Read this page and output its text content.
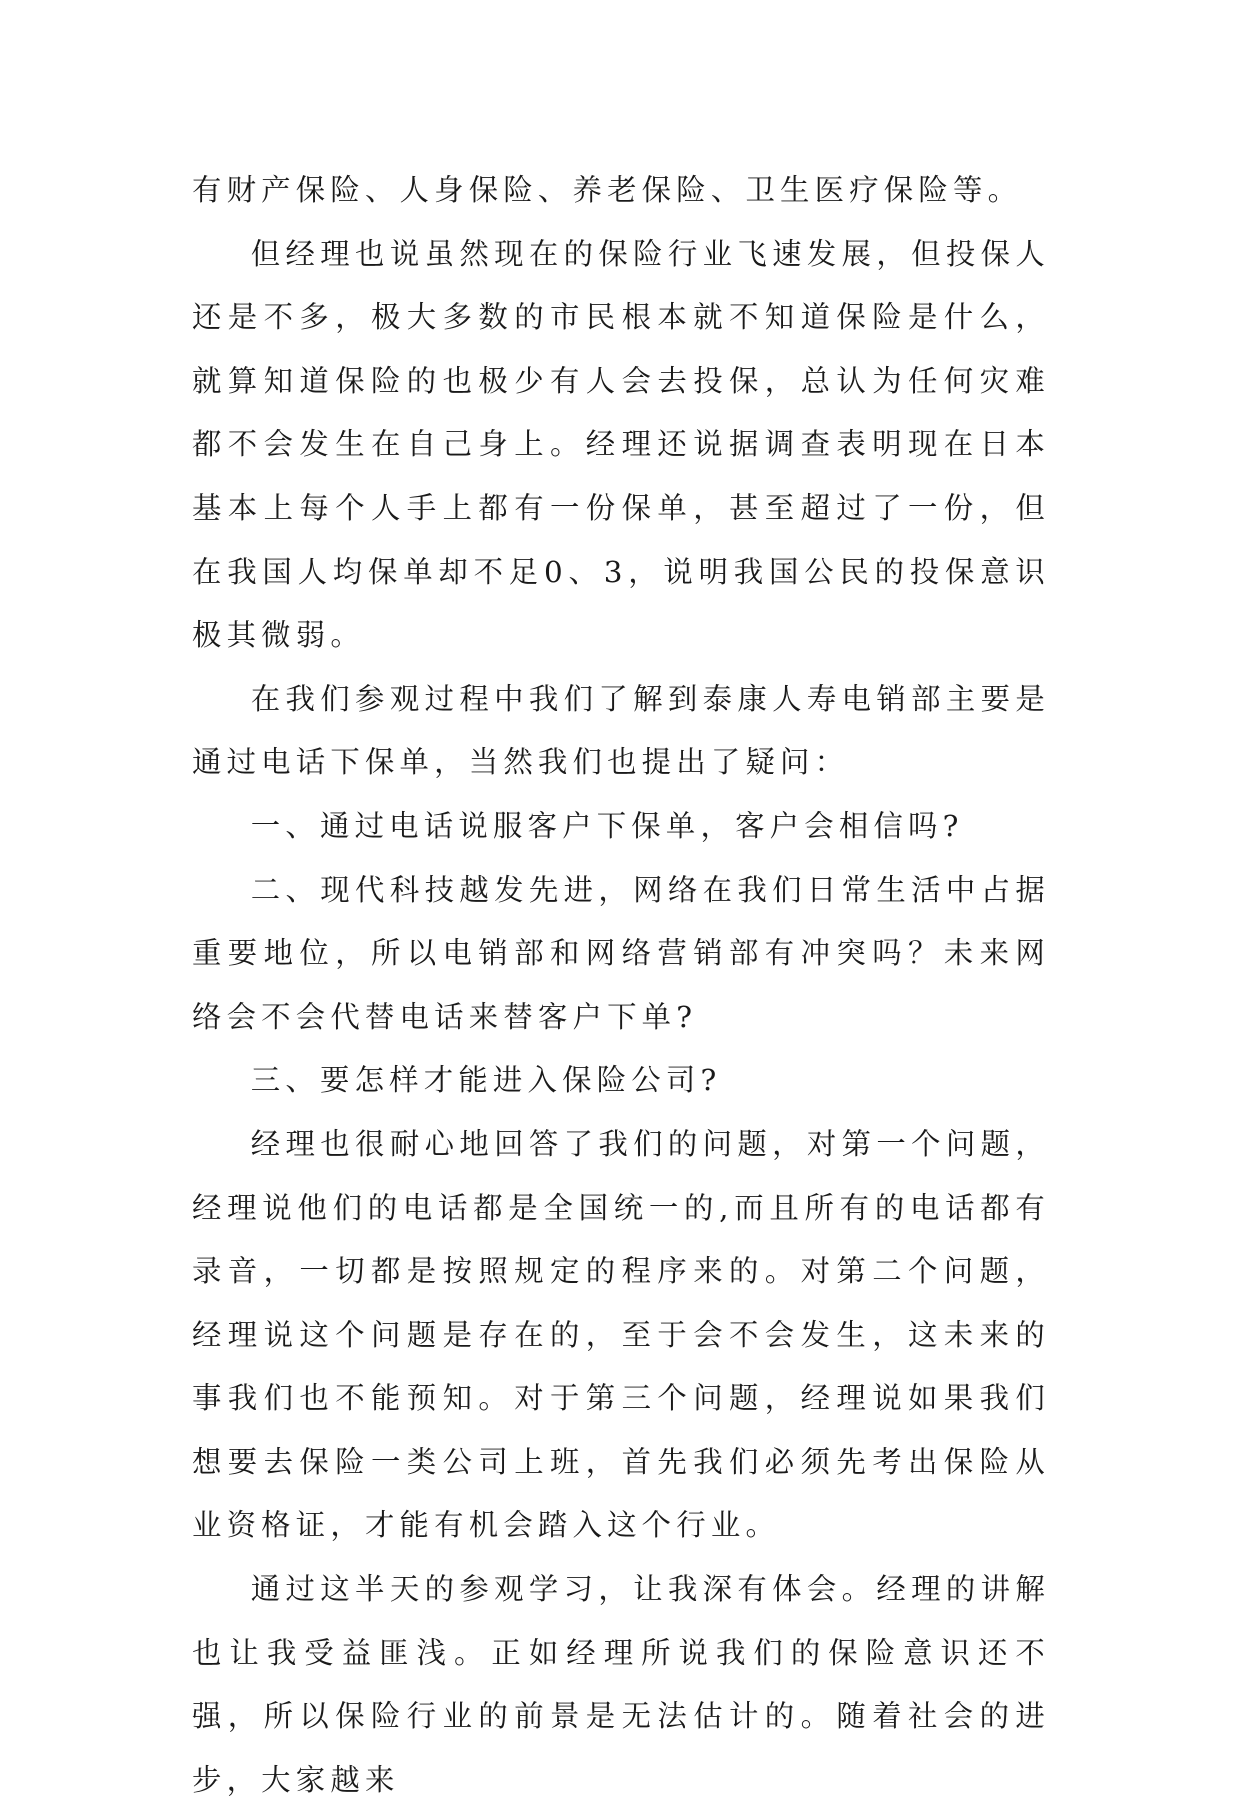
有财产保险、人身保险、养老保险、卫生医疗保险等。

但经理也说虽然现在的保险行业飞速发展，但投保人还是不多，极大多数的市民根本就不知道保险是什么，就算知道保险的也极少有人会去投保，总认为任何灾难都不会发生在自己身上。经理还说据调查表明现在日本基本上每个人手上都有一份保单，甚至超过了一份，但在我国人均保单却不足0、3，说明我国公民的投保意识极其微弱。

在我们参观过程中我们了解到泰康人寿电销部主要是通过电话下保单，当然我们也提出了疑问：

一、通过电话说服客户下保单，客户会相信吗?

二、现代科技越发先进，网络在我们日常生活中占据重要地位，所以电销部和网络营销部有冲突吗？未来网络会不会代替电话来替客户下单?

三、要怎样才能进入保险公司?

经理也很耐心地回答了我们的问题，对第一个问题，经理说他们的电话都是全国统一的,而且所有的电话都有录音，一切都是按照规定的程序来的。对第二个问题，经理说这个问题是存在的，至于会不会发生，这未来的事我们也不能预知。对于第三个问题，经理说如果我们想要去保险一类公司上班，首先我们必须先考出保险从业资格证，才能有机会踏入这个行业。

通过这半天的参观学习，让我深有体会。经理的讲解也让我受益匪浅。正如经理所说我们的保险意识还不强，所以保险行业的前景是无法估计的。随着社会的进步，大家越来
